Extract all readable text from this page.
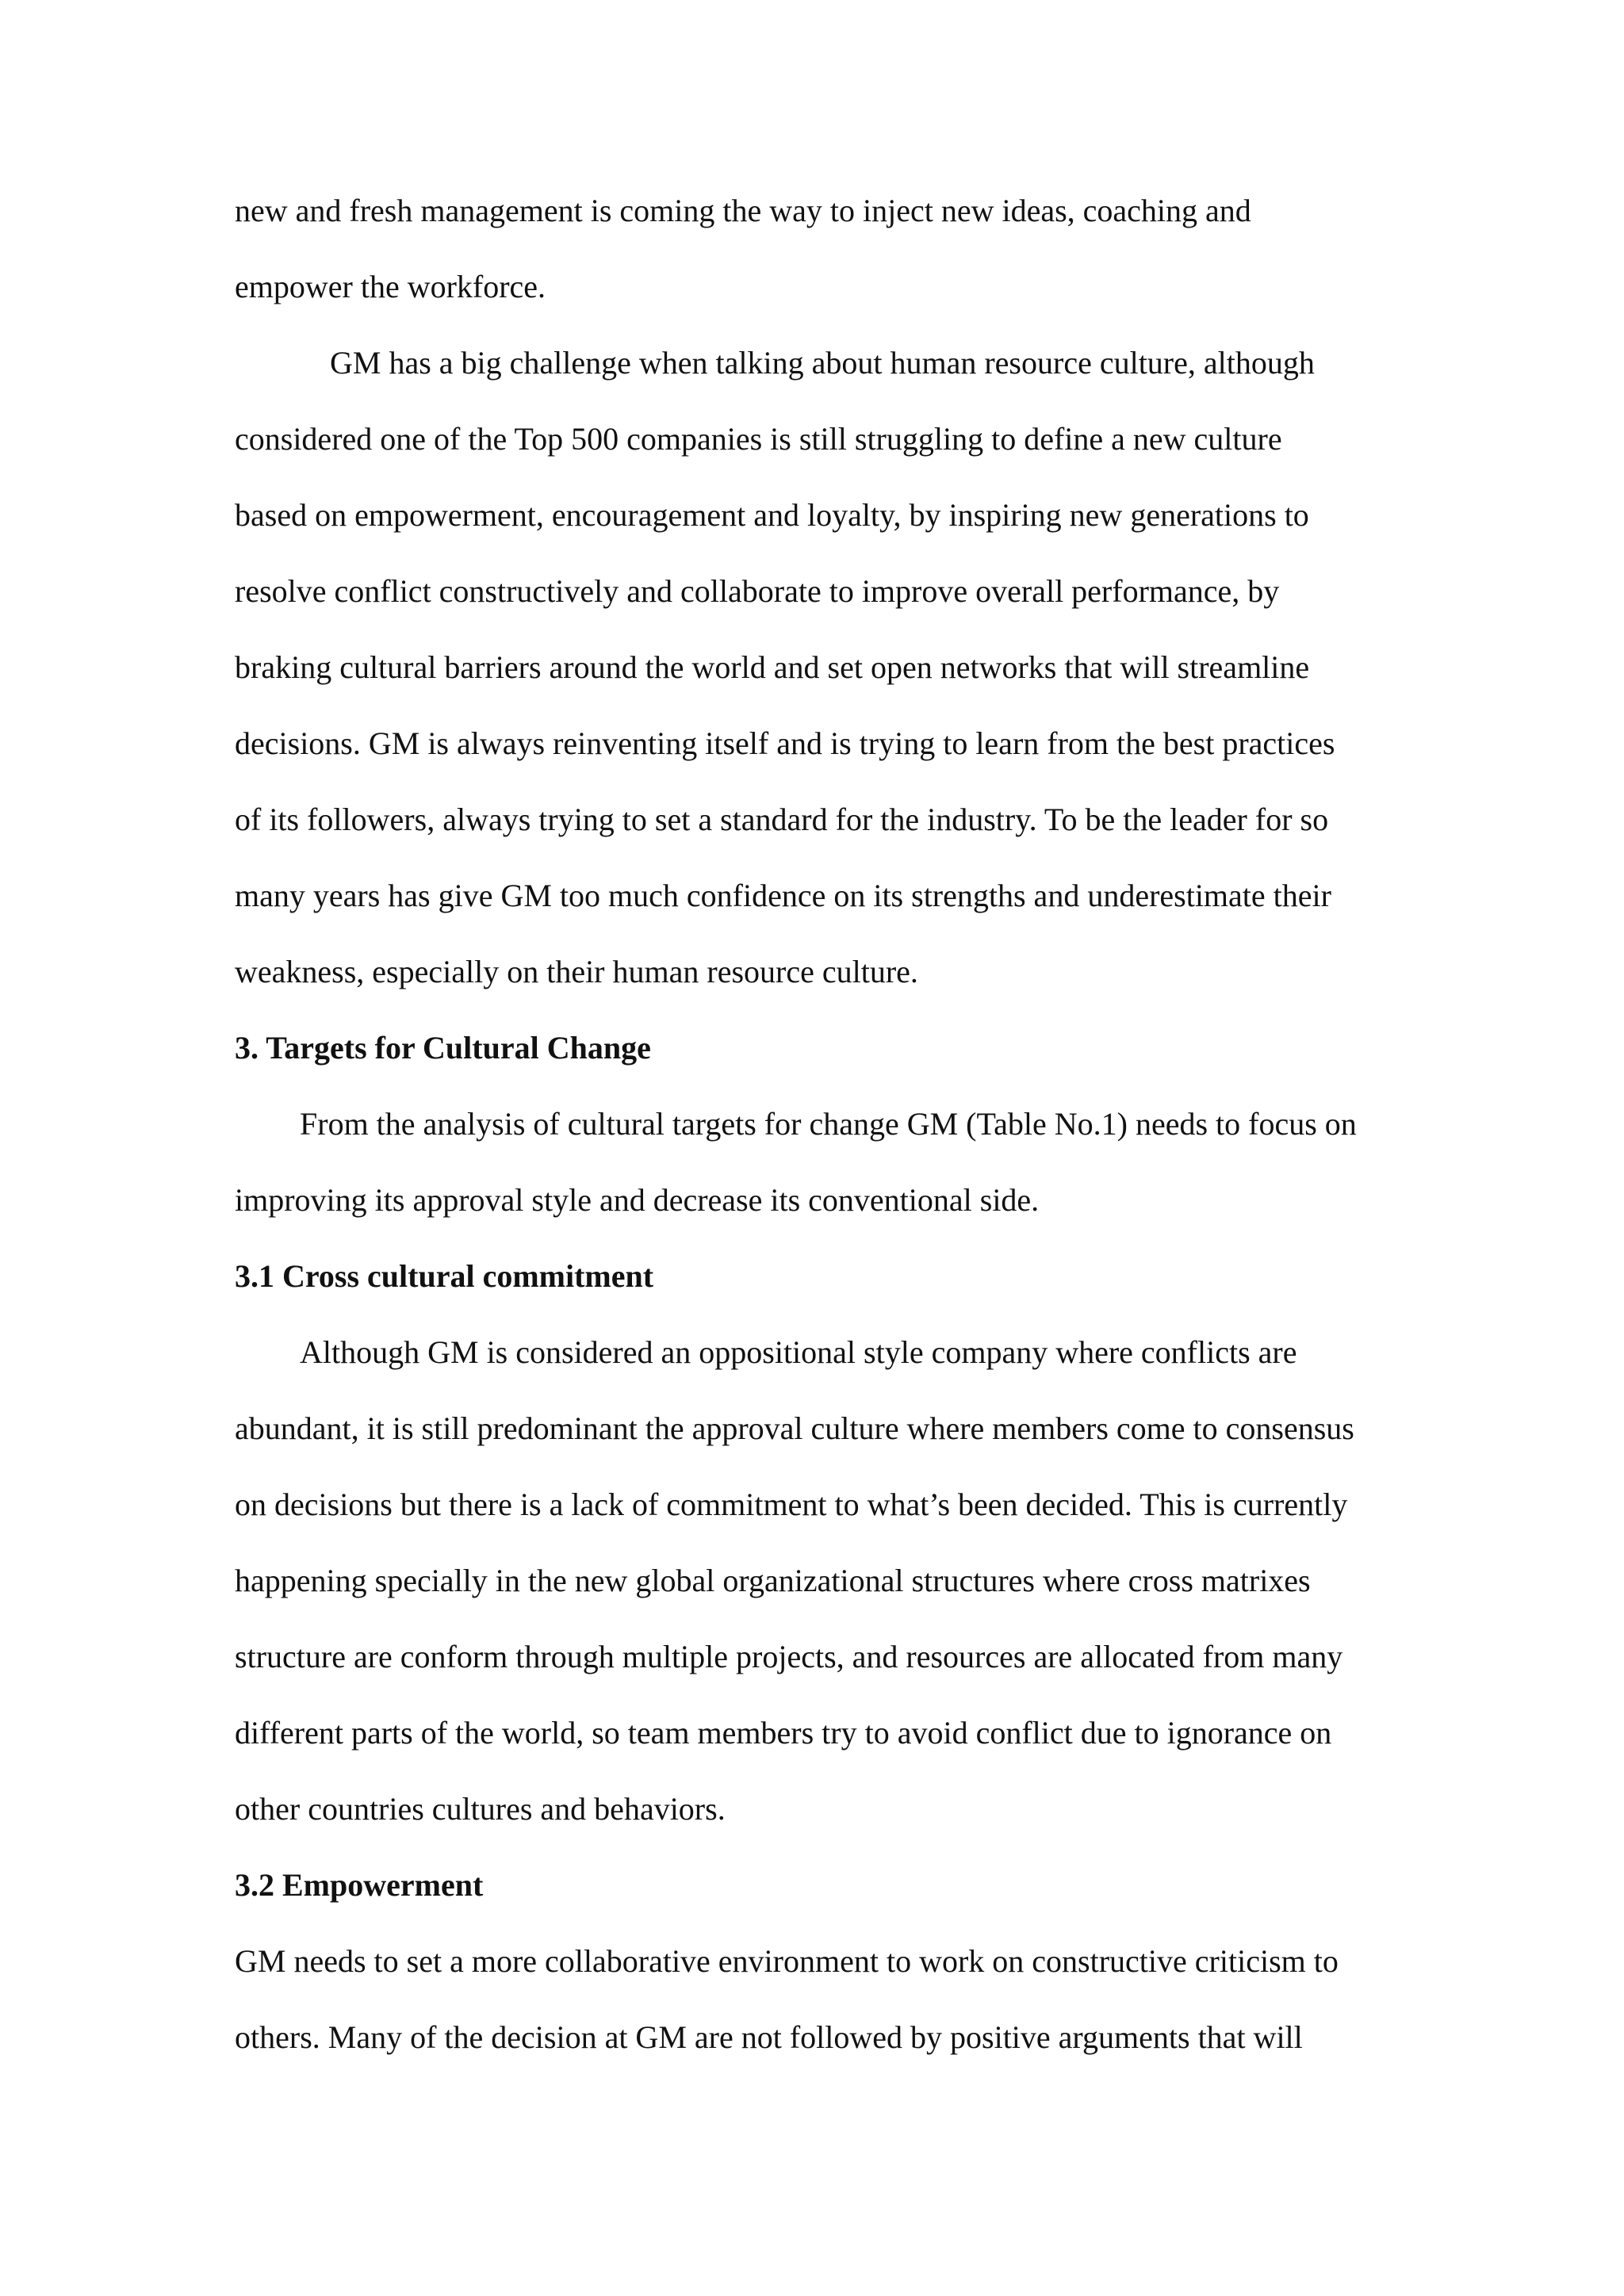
new and fresh management is coming the way to inject new ideas, coaching and
empower the workforce.
GM has a big challenge when talking about human resource culture, although
considered one of the Top 500 companies is still struggling to define a new culture
based on empowerment, encouragement and loyalty, by inspiring new generations to
resolve conflict constructively and collaborate to improve overall performance, by
braking cultural barriers around the world and set open networks that will streamline
decisions. GM is always reinventing itself and is trying to learn from the best practices
of its followers, always trying to set a standard for the industry. To be the leader for so
many years has give GM too much confidence on its strengths and underestimate their
weakness, especially on their human resource culture.
3. Targets for Cultural Change
From the analysis of cultural targets for change GM (Table No.1) needs to focus on
improving its approval style and decrease its conventional side.
3.1 Cross cultural commitment
Although GM is considered an oppositional style company where conflicts are
abundant, it is still predominant the approval culture where members come to consensus
on decisions but there is a lack of commitment to what’s been decided. This is currently
happening specially in the new global organizational structures where cross matrixes
structure are conform through multiple projects, and resources are allocated from many
different parts of the world, so team members try to avoid conflict due to ignorance on
other countries cultures and behaviors.
3.2 Empowerment
GM needs to set a more collaborative environment to work on constructive criticism to
others. Many of the decision at GM are not followed by positive arguments that will
